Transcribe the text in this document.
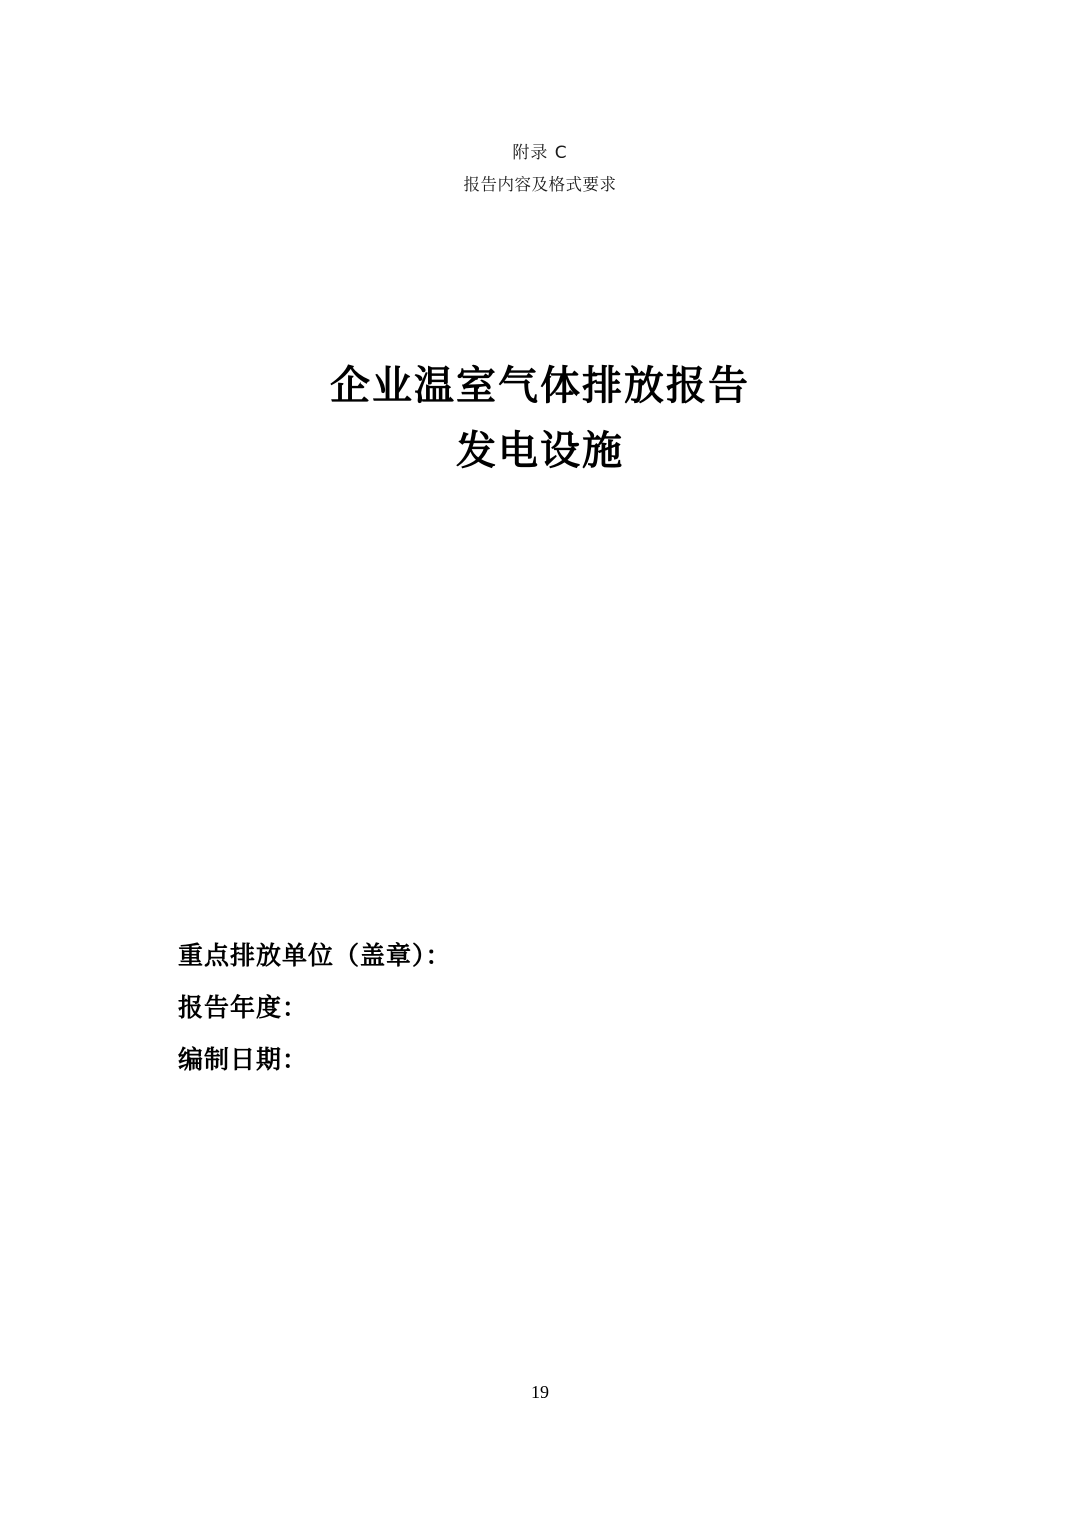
附录 C
报告内容及格式要求
企业温室气体排放报告
发电设施
重点排放单位（盖章）：
报告年度：
编制日期：
19
